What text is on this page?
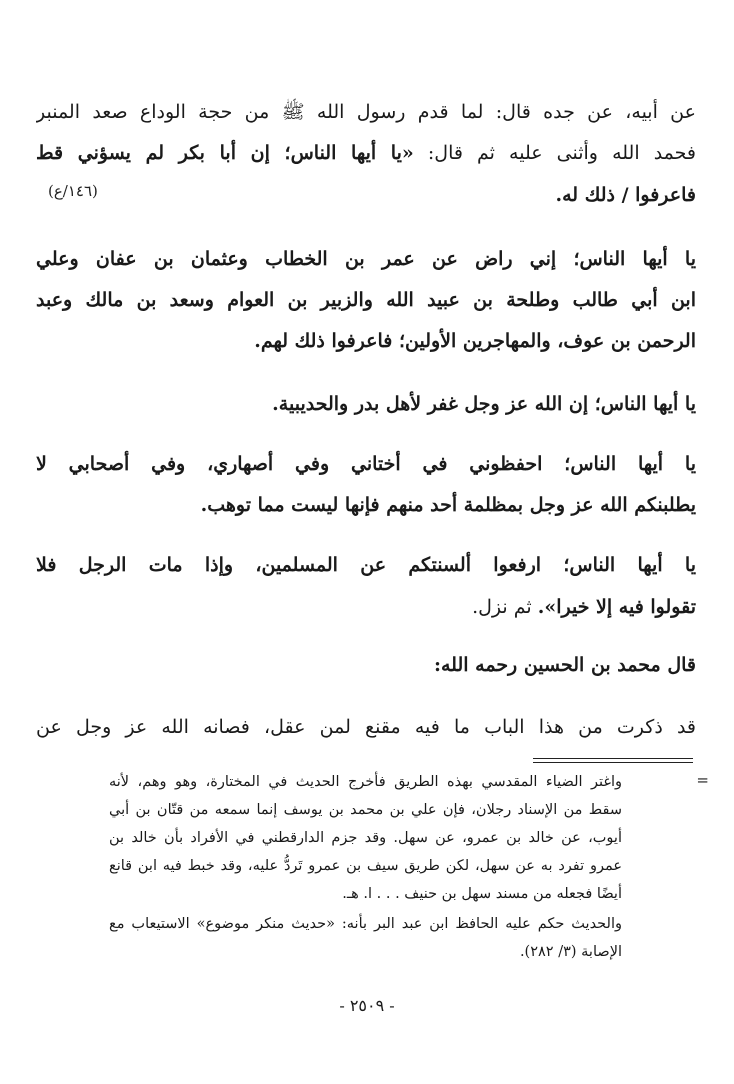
عن أبيه، عن جده قال: لما قدم رسول الله ﷺ من حجة الوداع صعد المنبر
فحمد الله وأثنى عليه ثم قال: «يا أيها الناس؛ إن أبا بكر لم يسؤني قط
فاعرفوا / ذلك له.
(١٤٦/ع)
يا أيها الناس؛ إني راض عن عمر بن الخطاب وعثمان بن عفان وعلي
ابن أبي طالب وطلحة بن عبيد الله والزبير بن العوام وسعد بن مالك وعبد
الرحمن بن عوف، والمهاجرين الأولين؛ فاعرفوا ذلك لهم.
يا أيها الناس؛ إن الله عز وجل غفر لأهل بدر والحديبية.
يا أيها الناس؛ احفظوني في أختاني وفي أصهاري، وفي أصحابي لا
يطلبنكم الله عز وجل بمظلمة أحد منهم فإنها ليست مما توهب.
يا أيها الناس؛ ارفعوا ألسنتكم عن المسلمين، وإذا مات الرجل فلا
تقولوا فيه إلا خيرا». ثم نزل.
قال محمد بن الحسين رحمه الله:
قد ذكرت من هذا الباب ما فيه مقنع لمن عقل، فصانه الله عز وجل عن
=
واغتر الضياء المقدسي بهذه الطريق فأخرج الحديث في المختارة، وهو وهم، لأنه
سقط من الإسناد رجلان، فإن علي بن محمد بن يوسف إنما سمعه من قتّان بن أبي
أيوب، عن خالد بن عمرو، عن سهل. وقد جزم الدارقطني في الأفراد بأن خالد بن
عمرو تفرد به عن سهل، لكن طريق سيف بن عمرو تَردُّ عليه، وقد خبط فيه ابن قانع
أيضًا فجعله من مسند سهل بن حنيف . . . ا. هـ.
والحديث حكم عليه الحافظ ابن عبد البر بأنه: «حديث منكر موضوع» الاستيعاب مع
الإصابة (٣/ ٢٨٢).
- ٢٥٠٩ -
